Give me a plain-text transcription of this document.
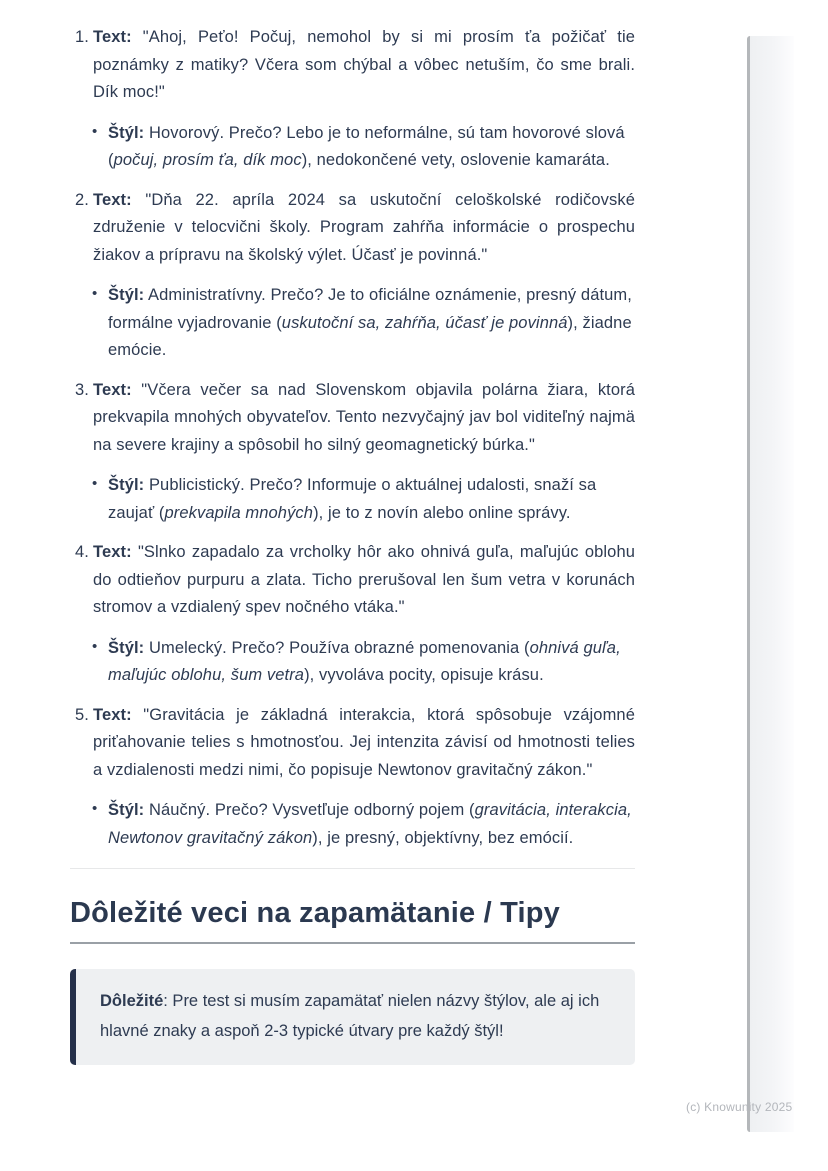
1. Text: "Ahoj, Peťo! Počuj, nemohol by si mi prosím ťa požičať tie poznámky z matiky? Včera som chýbal a vôbec netuším, čo sme brali. Dík moc!"

• Štýl: Hovorový. Prečo? Lebo je to neformálne, sú tam hovorové slová (počuj, prosím ťa, dík moc), nedokončené vety, oslovenie kamaráta.

2. Text: "Dňa 22. apríla 2024 sa uskutoční celoškolské rodičovské združenie v telocvični školy. Program zahŕňa informácie o prospechu žiakov a prípravu na školský výlet. Účasť je povinná."

• Štýl: Administratívny. Prečo? Je to oficiálne oznámenie, presný dátum, formálne vyjadrovanie (uskutoční sa, zahŕňa, účasť je povinná), žiadne emócie.

3. Text: "Včera večer sa nad Slovenskom objavila polárna žiara, ktorá prekvapila mnohých obyvateľov. Tento nezvyčajný jav bol viditeľný najmä na severe krajiny a spôsobil ho silný geomagnetický búrka."

• Štýl: Publicistický. Prečo? Informuje o aktuálnej udalosti, snaží sa zaujať (prekvapila mnohých), je to z novín alebo online správy.

4. Text: "Slnko zapadalo za vrcholky hôr ako ohnivá guľa, maľujúc oblohu do odtieňov purpuru a zlata. Ticho prerušoval len šum vetra v korunách stromov a vzdialený spev nočného vtáka."

• Štýl: Umelecký. Prečo? Používa obrazné pomenovania (ohnivá guľa, maľujúc oblohu, šum vetra), vyvoláva pocity, opisuje krásu.

5. Text: "Gravitácia je základná interakcia, ktorá spôsobuje vzájomné priťahovanie telies s hmotnosťou. Jej intenzita závisí od hmotnosti telies a vzdialenosti medzi nimi, čo popisuje Newtonov gravitačný zákon."

• Štýl: Náučný. Prečo? Vysvetľuje odborný pojem (gravitácia, interakcia, Newtonov gravitačný zákon), je presný, objektívny, bez emócií.

Dôležité veci na zapamätanie / Tipy
Dôležité: Pre test si musím zapamätať nielen názvy štýlov, ale aj ich hlavné znaky a aspoň 2-3 typické útvary pre každý štýl!
(c) Knowunity 2025
